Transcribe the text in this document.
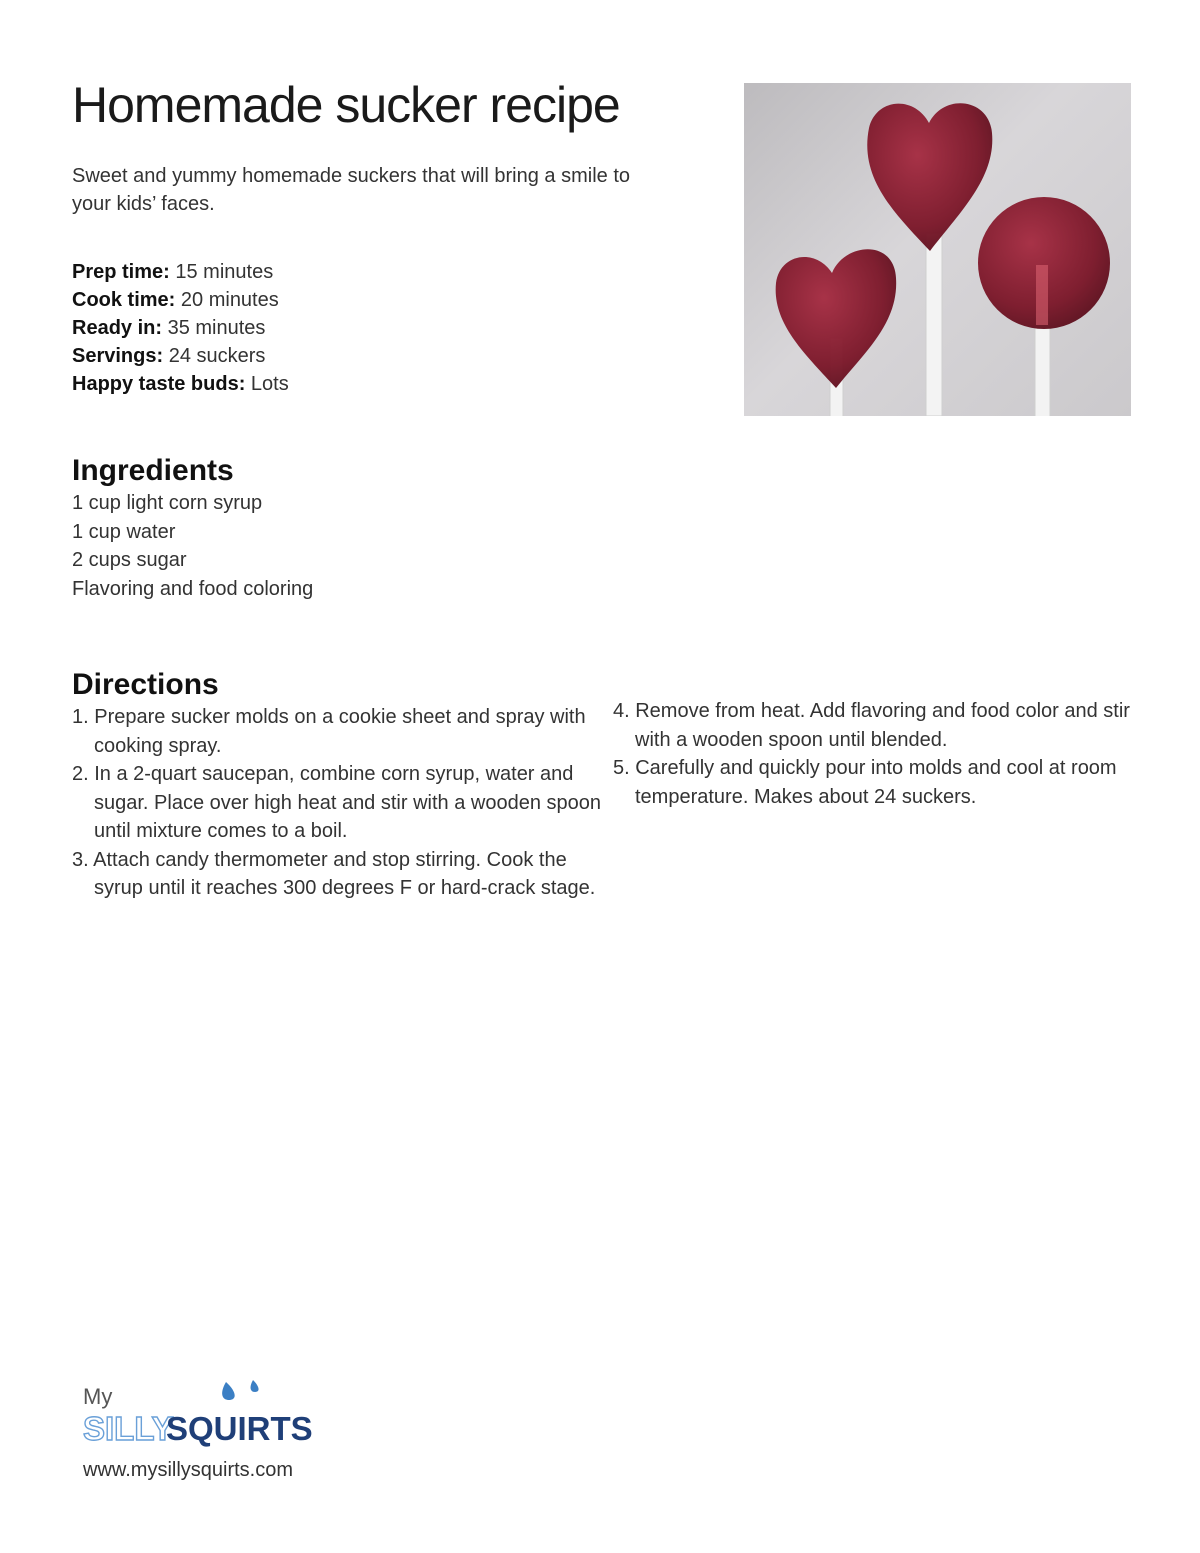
Homemade sucker recipe

Sweet and yummy homemade suckers that will bring a smile to your kids’ faces.

Prep time: 15 minutes
Cook time: 20 minutes
Ready in: 35 minutes
Servings: 24 suckers
Happy taste buds: Lots
Ingredients
1 cup light corn syrup
1 cup water
2 cups sugar
Flavoring and food coloring
Directions
1. Prepare sucker molds on a cookie sheet and spray with cooking spray.
2. In a 2-quart saucepan, combine corn syrup, water and sugar. Place over high heat and stir with a wooden spoon until mixture comes to a boil.
3. Attach candy thermometer and stop stirring. Cook the syrup until it reaches 300 degrees F or hard-crack stage.
4. Remove from heat. Add flavoring and food color and stir with a wooden spoon until blended.
5. Carefully and quickly pour into molds and cool at room temperature. Makes about 24 suckers.
My
SILLY
SQUIRTS
www.mysillysquirts.com
